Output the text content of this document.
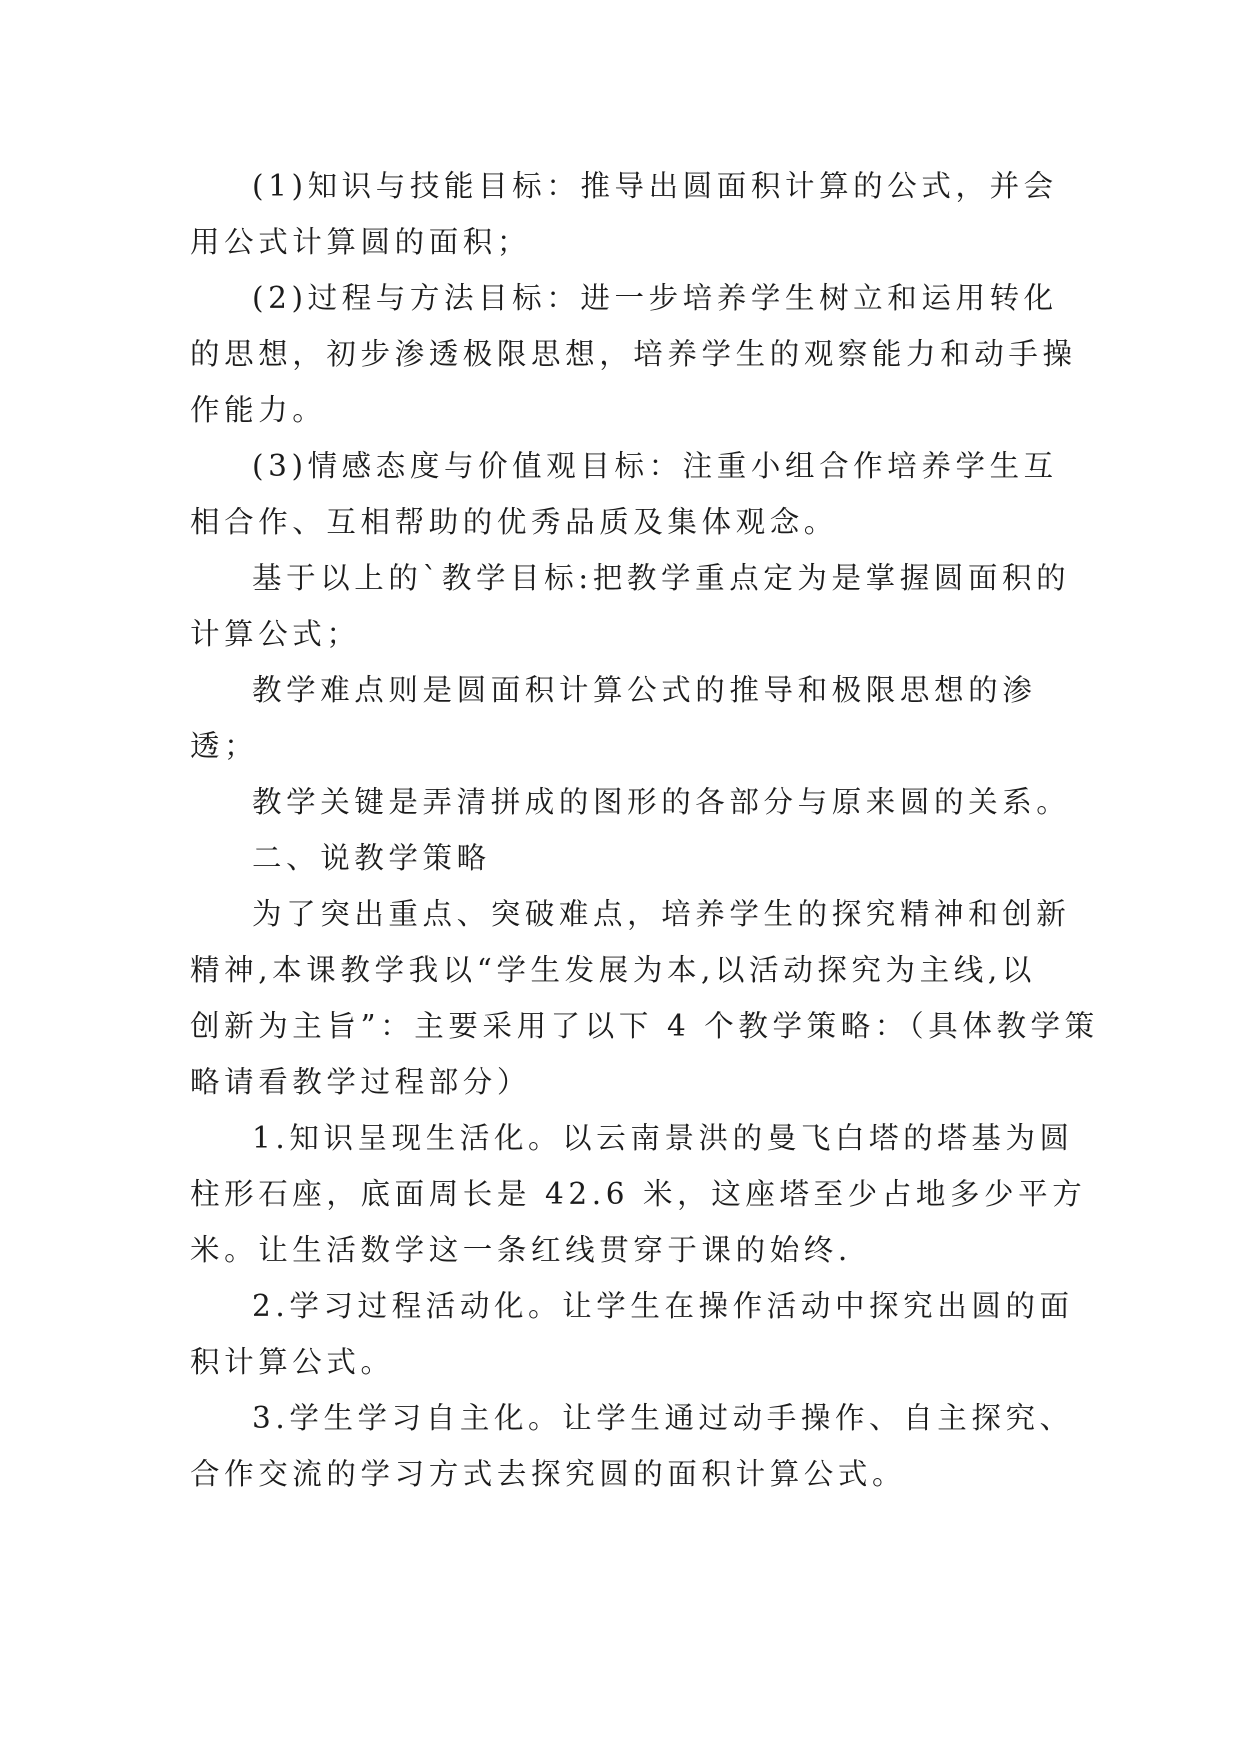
(1)知识与技能目标：推导出圆面积计算的公式，并会
用公式计算圆的面积；
(2)过程与方法目标：进一步培养学生树立和运用转化
的思想，初步渗透极限思想，培养学生的观察能力和动手操
作能力。
(3)情感态度与价值观目标：注重小组合作培养学生互
相合作、互相帮助的优秀品质及集体观念。
基于以上的`教学目标:把教学重点定为是掌握圆面积的
计算公式；
教学难点则是圆面积计算公式的推导和极限思想的渗
透；
教学关键是弄清拼成的图形的各部分与原来圆的关系。
二、说教学策略
为了突出重点、突破难点，培养学生的探究精神和创新
精神,本课教学我以“学生发展为本,以活动探究为主线,以
创新为主旨”：主要采用了以下 4 个教学策略：（具体教学策
略请看教学过程部分）
1.知识呈现生活化。以云南景洪的曼飞白塔的塔基为圆
柱形石座，底面周长是 42.6 米，这座塔至少占地多少平方
米。让生活数学这一条红线贯穿于课的始终.
2.学习过程活动化。让学生在操作活动中探究出圆的面
积计算公式。
3.学生学习自主化。让学生通过动手操作、自主探究、
合作交流的学习方式去探究圆的面积计算公式。
